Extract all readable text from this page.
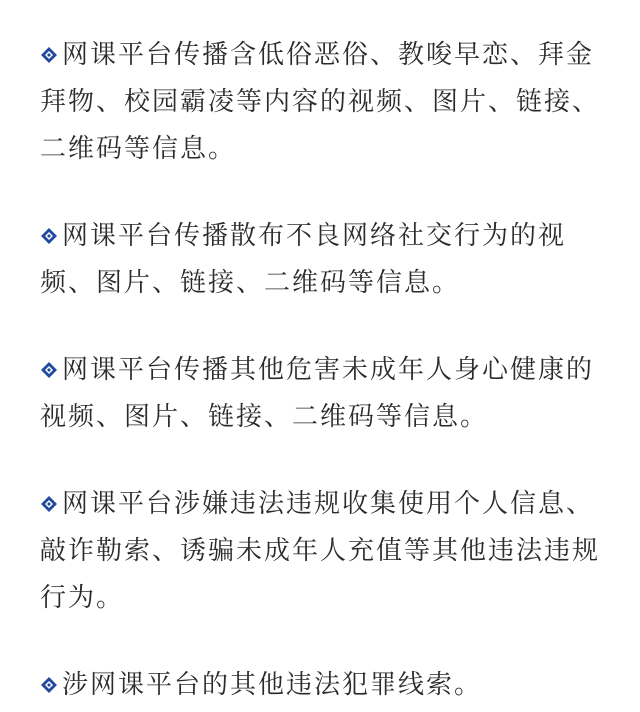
网课平台传播含低俗恶俗、教唆早恋、拜金拜物、校园霸凌等内容的视频、图片、链接、二维码等信息。

网课平台传播散布不良网络社交行为的视频、图片、链接、二维码等信息。

网课平台传播其他危害未成年人身心健康的视频、图片、链接、二维码等信息。

网课平台涉嫌违法违规收集使用个人信息、敲诈勒索、诱骗未成年人充值等其他违法违规行为。

涉网课平台的其他违法犯罪线索。
